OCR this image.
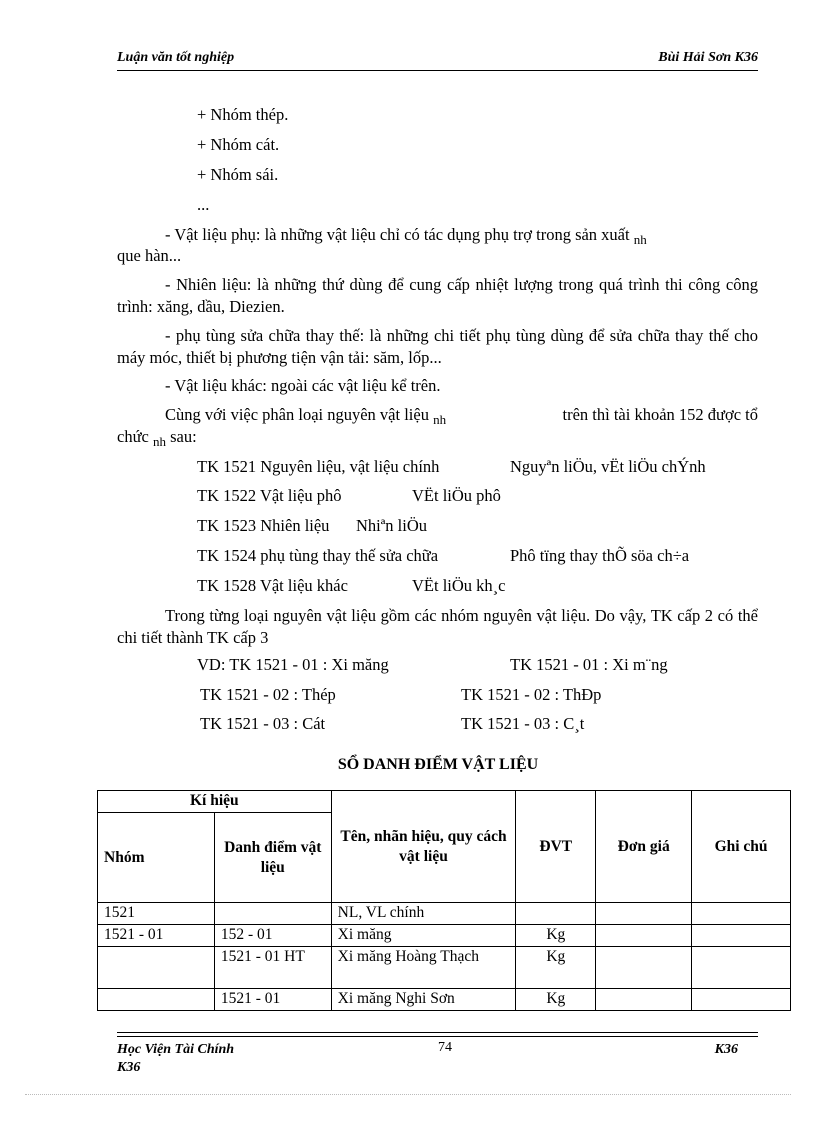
Luận văn tốt nghiệp	Bùi Hải Sơn K36
+ Nhóm thép.
+ Nhóm cát.
+ Nhóm sái.
...
- Vật liệu phụ: là những vật liệu chỉ có tác dụng phụ trợ trong sản xuất $_{nh}$
que hàn...
- Nhiên liệu: là những thứ dùng để cung cấp nhiệt lượng trong quá trình thi công công trình: xăng, dầu, Diezien.
- phụ tùng sửa chữa thay thế: là những chi tiết phụ tùng dùng để sửa chữa thay thế cho máy móc, thiết bị phương tiện vận tải: săm, lốp...
- Vật liệu khác: ngoài các vật liệu kể trên.
Cùng với việc phân loại nguyên vật liệu $_{nh}$	trên thì tài khoản 152 được tổ
chức $_{nh}$ sau:
TK 1521 Nguyên liệu, vật liệu chính	Nguyªn liÖu, vËt liÖu chÝnh
TK 1522 Vật liệu phô	VËt liÖu phô
TK 1523 Nhiên liệu Nhiªn liÖu
TK 1524 phụ tùng thay thế sửa chữa	Phô tïng thay thÕ söa ch÷a
TK 1528 Vật liệu khác	VËt liÖu kh¸c
Trong từng loại nguyên vật liệu gồm các nhóm nguyên vật liệu. Do vậy, TK cấp 2 có thể chi tiết thành TK cấp 3
VD: TK 1521 - 01 : Xi măng	TK 1521 - 01 : Xi m¨ng
TK 1521 - 02 : Thép	TK 1521 - 02 : ThÐp
TK 1521 - 03 : Cát	TK 1521 - 03 : C¸t
SỔ DANH ĐIỂM VẬT LIỆU
Kí hiệu		Tên, nhãn hiệu, quy cách vật liệu	ĐVT	Đơn giá	Ghi chú
Nhóm	Danh điểm vật liệu				
1521		NL, VL chính			
1521 - 01	152 - 01	Xi măng	Kg		
	1521 - 01 HT	Xi măng Hoàng Thạch	Kg		
	1521 - 01	Xi măng Nghi Sơn	Kg		
Học Viện Tài Chính
K36
74	K36
